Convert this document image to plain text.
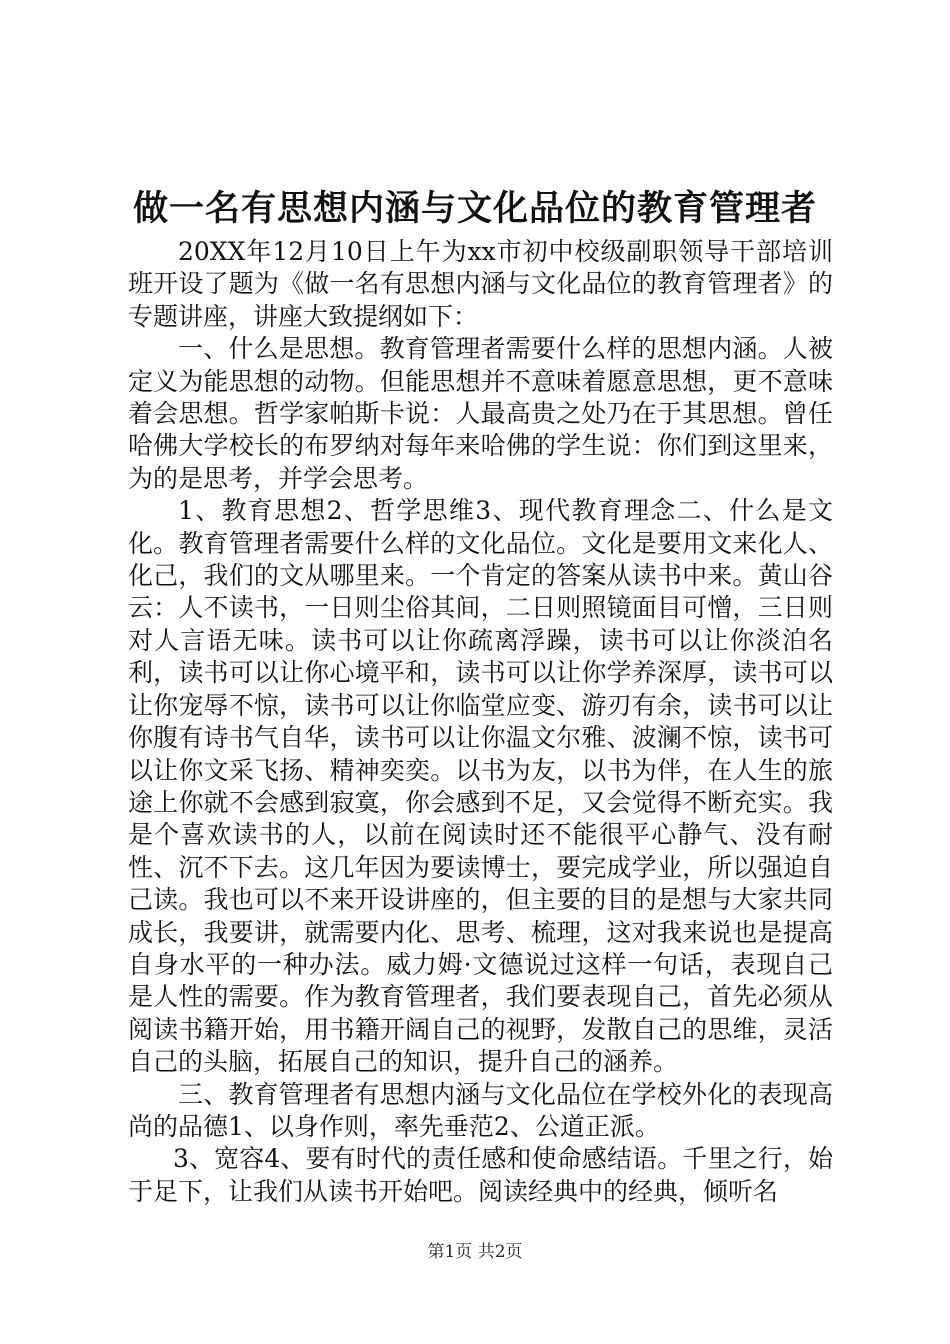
做一名有思想内涵与文化品位的教育管理者

20XX年12月10日上午为xx市初中校级副职领导干部培训班开设了题为《做一名有思想内涵与文化品位的教育管理者》的专题讲座，讲座大致提纲如下：

一、什么是思想。教育管理者需要什么样的思想内涵。人被定义为能思想的动物。但能思想并不意味着愿意思想，更不意味着会思想。哲学家帕斯卡说：人最高贵之处乃在于其思想。曾任哈佛大学校长的布罗纳对每年来哈佛的学生说：你们到这里来，为的是思考，并学会思考。

1、教育思想2、哲学思维3、现代教育理念二、什么是文化。教育管理者需要什么样的文化品位。文化是要用文来化人、化己，我们的文从哪里来。一个肯定的答案从读书中来。黄山谷云：人不读书，一日则尘俗其间，二日则照镜面目可憎，三日则对人言语无味。读书可以让你疏离浮躁，读书可以让你淡泊名利，读书可以让你心境平和，读书可以让你学养深厚，读书可以让你宠辱不惊，读书可以让你临堂应变、游刃有余，读书可以让你腹有诗书气自华，读书可以让你温文尔雅、波澜不惊，读书可以让你文采飞扬、精神奕奕。以书为友，以书为伴，在人生的旅途上你就不会感到寂寞，你会感到不足，又会觉得不断充实。我是个喜欢读书的人，以前在阅读时还不能很平心静气、没有耐性、沉不下去。这几年因为要读博士，要完成学业，所以强迫自己读。我也可以不来开设讲座的，但主要的目的是想与大家共同成长，我要讲，就需要内化、思考、梳理，这对我来说也是提高自身水平的一种办法。威力姆·文德说过这样一句话，表现自己是人性的需要。作为教育管理者，我们要表现自己，首先必须从阅读书籍开始，用书籍开阔自己的视野，发散自己的思维，灵活自己的头脑，拓展自己的知识，提升自己的涵养。

三、教育管理者有思想内涵与文化品位在学校外化的表现高尚的品德1、以身作则，率先垂范2、公道正派。

3、宽容4、要有时代的责任感和使命感结语。千里之行，始于足下，让我们从读书开始吧。阅读经典中的经典，倾听名

第1页 共2页
